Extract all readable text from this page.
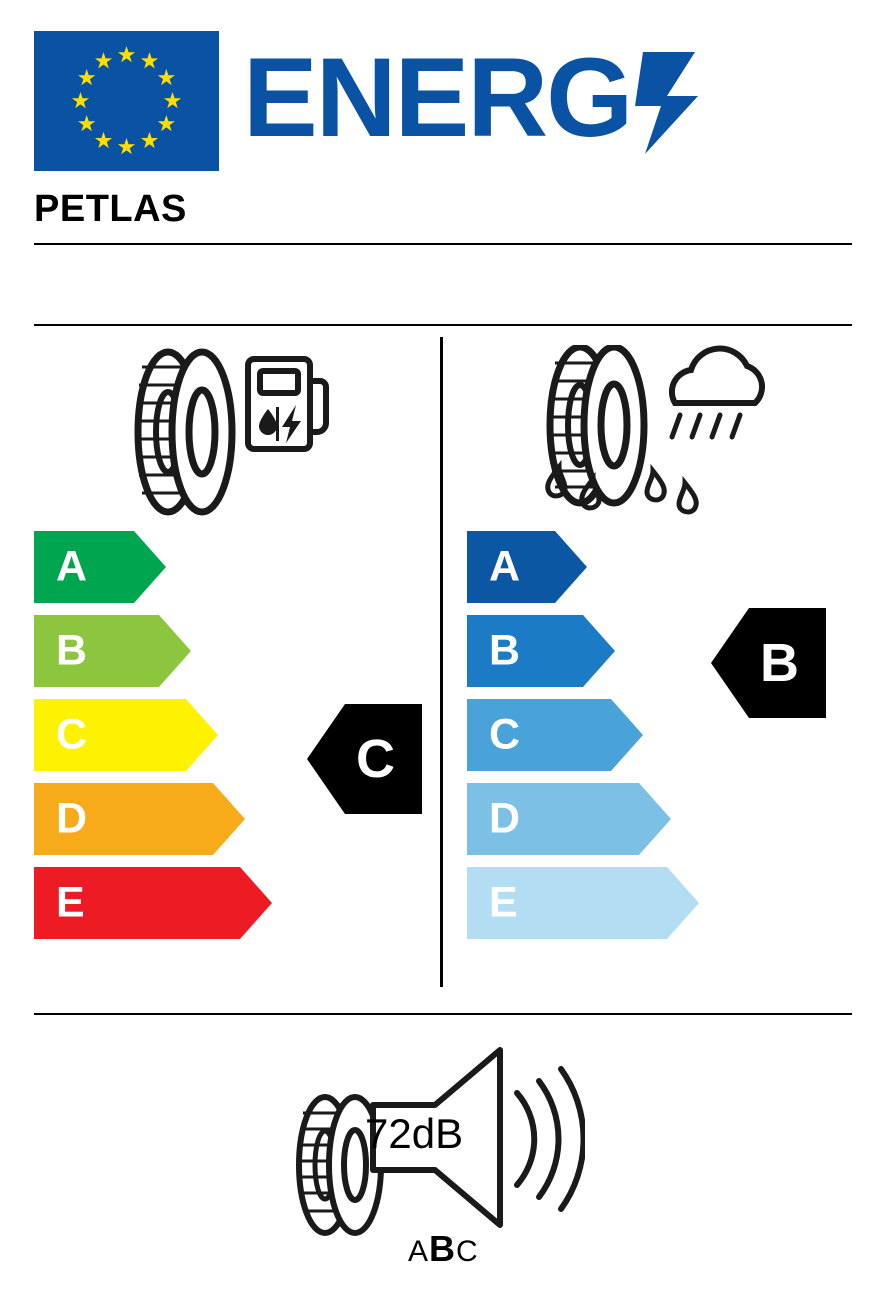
ENERG
PETLAS
A
B
C
D
E
A
B
C
D
E
C
B
72dB
ABC
